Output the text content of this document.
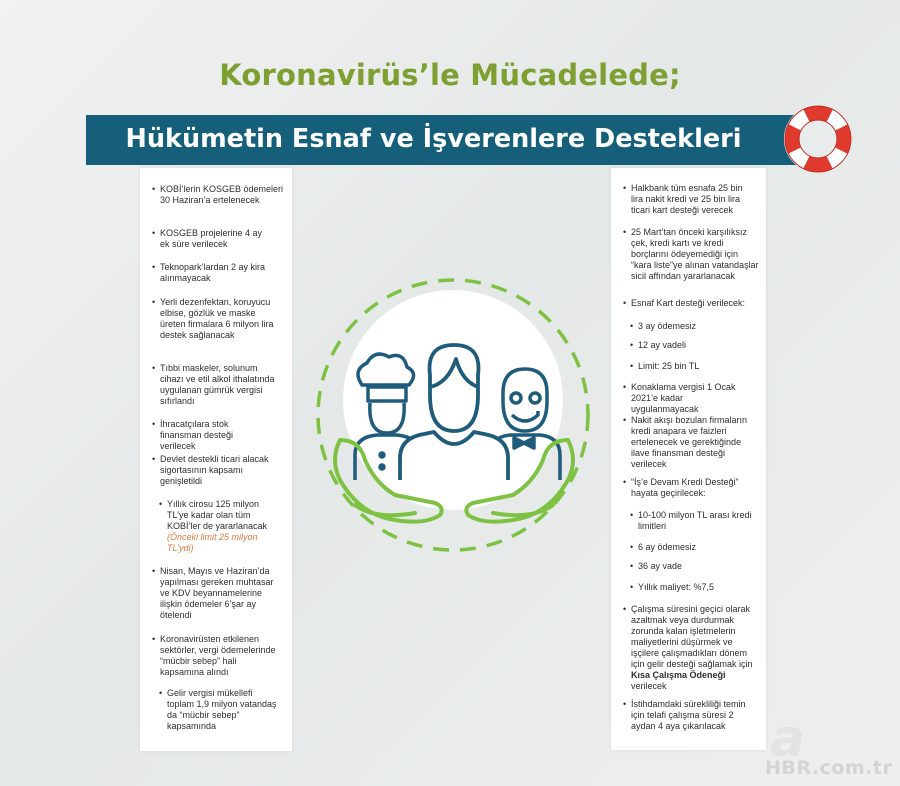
Koronavirüs’le Mücadelede;
Hükümetin Esnaf ve İşverenlere Destekleri
• KOBİ’lerin KOSGEB ödemeleri 30 Haziran’a ertelenecek
• KOSGEB projelerine 4 ay ek süre verilecek
• Teknopark’lardan 2 ay kira alınmayacak
• Yerli dezenfektan, koruyucu elbise, gözlük ve maske üreten firmalara 6 milyon lira destek sağlanacak
• Tıbbi maskeler, solunum cihazı ve etil alkol ithalatında uygulanan gümrük vergisi sıfırlandı
• İhracatçılara stok finansman desteği verilecek
• Devlet destekli ticari alacak sigortasının kapsamı genişletildi
• Yıllık cirosu 125 milyon TL’ye kadar olan tüm KOBİ’ler de yararlanacak
(Önceki limit 25 milyon TL’ydi)
• Nisan, Mayıs ve Haziran’da yapılması gereken muhtasar ve KDV beyannamelerine ilişkin ödemeler 6’şar ay ötelendi
• Koronavirüsten etkilenen sektörler, vergi ödemelerinde “mücbir sebep” hali kapsamına alındı
• Gelir vergisi mükellefi toplam 1,9 milyon vatandaş da “mücbir sebep” kapsamında
• Halkbank tüm esnafa 25 bin lira nakit kredi ve 25 bin lira ticari kart desteği verecek
• 25 Mart’tan önceki karşılıksız çek, kredi kartı ve kredi borçlarını ödeyemediği için “kara liste”ye alınan vatandaşlar sicil affından yararlanacak
• Esnaf Kart desteği verilecek:
• 3 ay ödemesiz
• 12 ay vadeli
• Limit: 25 bin TL
• Konaklama vergisi 1 Ocak 2021’e kadar uygulanmayacak
• Nakit akışı bozulan firmaların kredi anapara ve faizleri ertelenecek ve gerektiğinde ilave finansman desteği verilecek
• “İş’e Devam Kredi Desteği” hayata geçirilecek:
• 10-100 milyon TL arası kredi limitleri
• 6 ay ödemesiz
• 36 ay vade
• Yıllık maliyet: %7,5
• Çalışma süresini geçici olarak azaltmak veya durdurmak zorunda kalan işletmelerin maliyetlerini düşürmek ve işçilere çalışmadıkları dönem için gelir desteği sağlamak için Kısa Çalışma Ödeneği verilecek
• İstihdamdaki sürekliliği temin için telafi çalışma süresi 2 aydan 4 aya çıkarılacak a
HBR.com.tr
